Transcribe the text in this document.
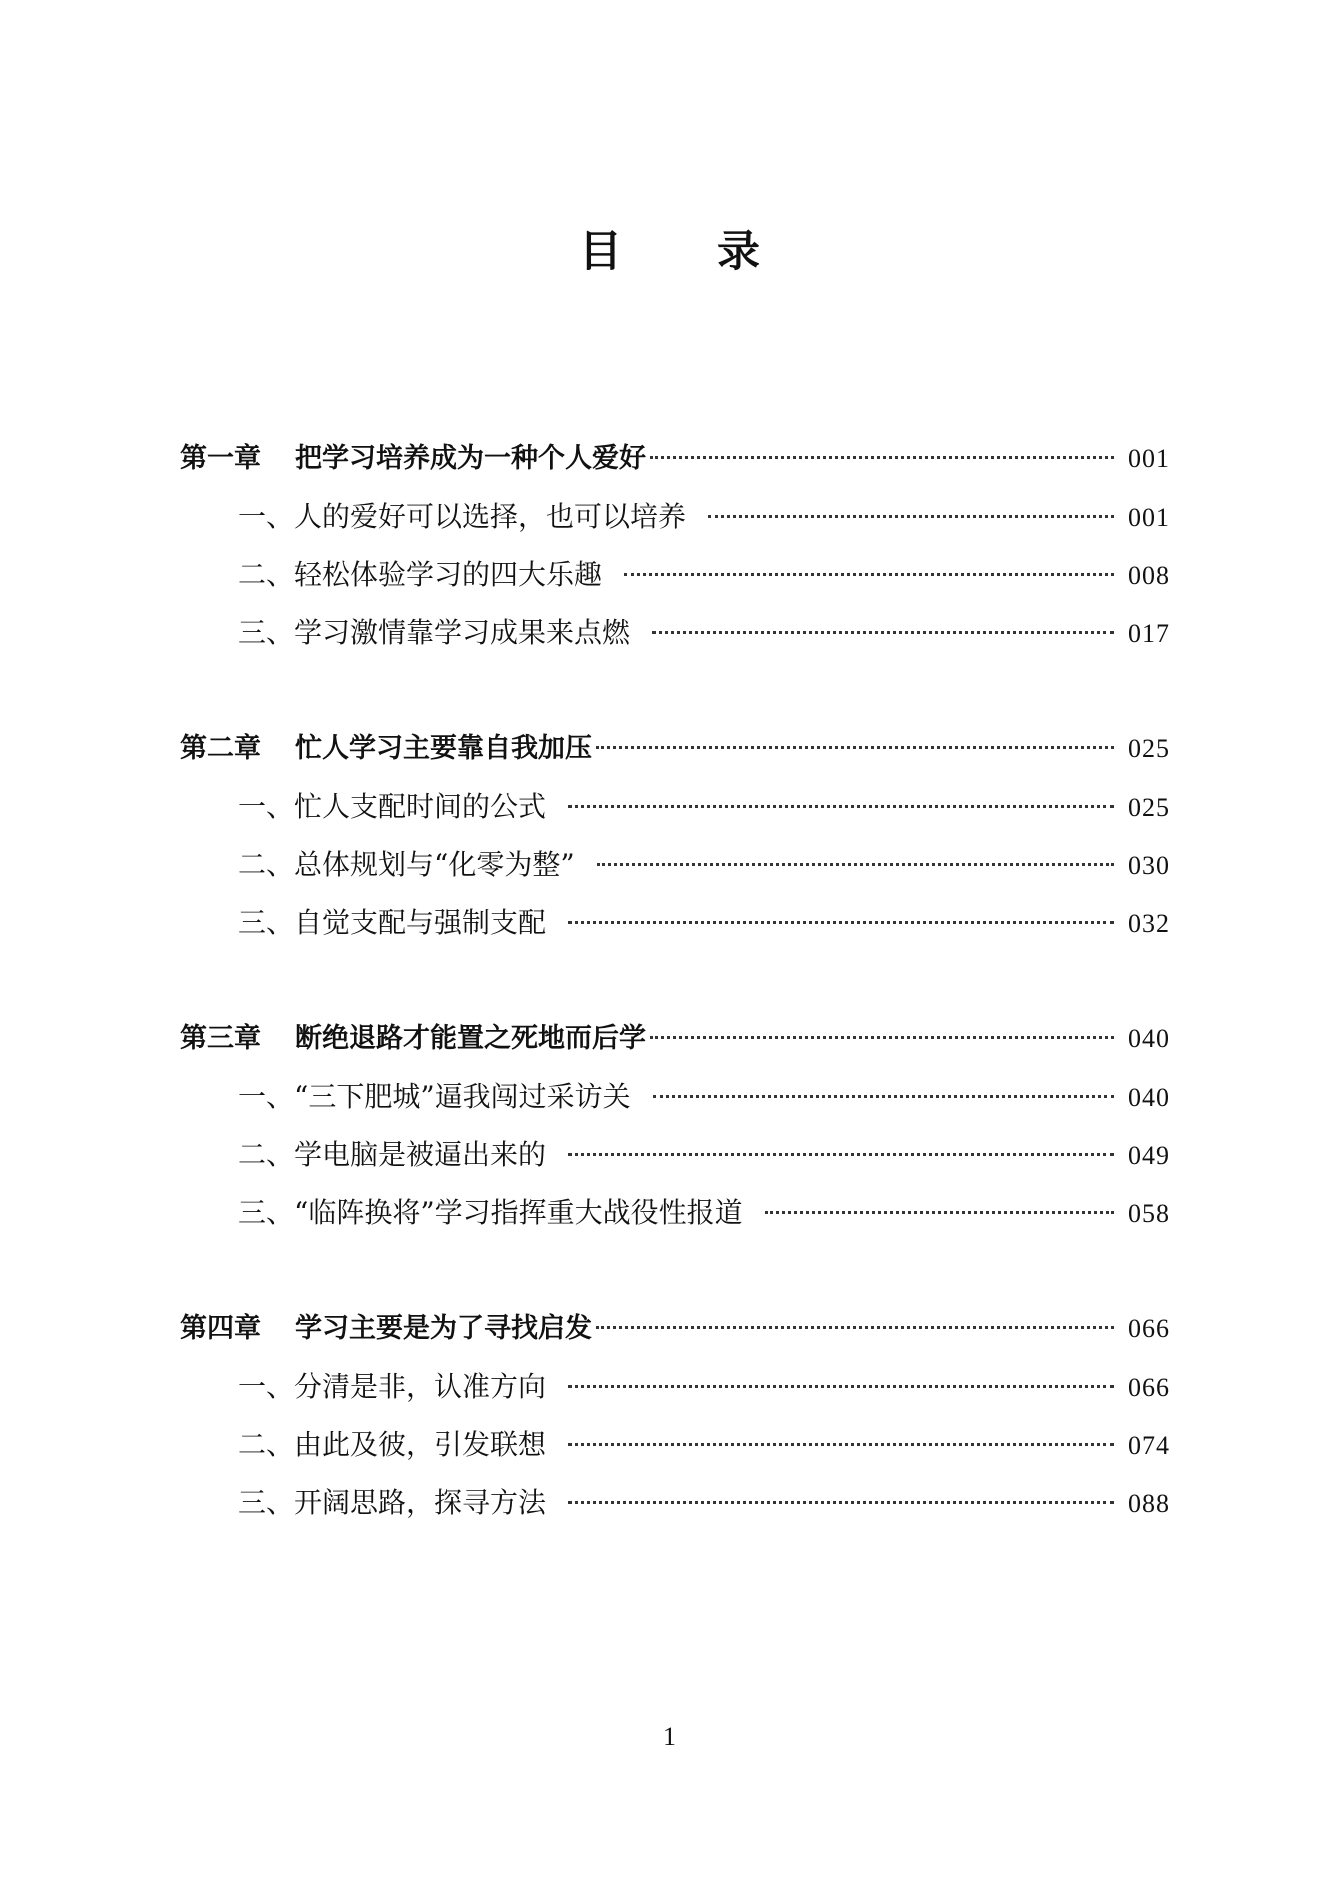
目 录
第一章 把学习培养成为一种个人爱好	001
一、人的爱好可以选择，也可以培养	001
二、轻松体验学习的四大乐趣	008
三、学习激情靠学习成果来点燃	017
第二章 忙人学习主要靠自我加压	025
一、忙人支配时间的公式	025
二、总体规划与“化零为整”	030
三、自觉支配与强制支配	032
第三章 断绝退路才能置之死地而后学	040
一、“三下肥城”逼我闯过采访关	040
二、学电脑是被逼出来的	049
三、“临阵换将”学习指挥重大战役性报道	058
第四章 学习主要是为了寻找启发	066
一、分清是非，认准方向	066
二、由此及彼，引发联想	074
三、开阔思路，探寻方法	088
1
